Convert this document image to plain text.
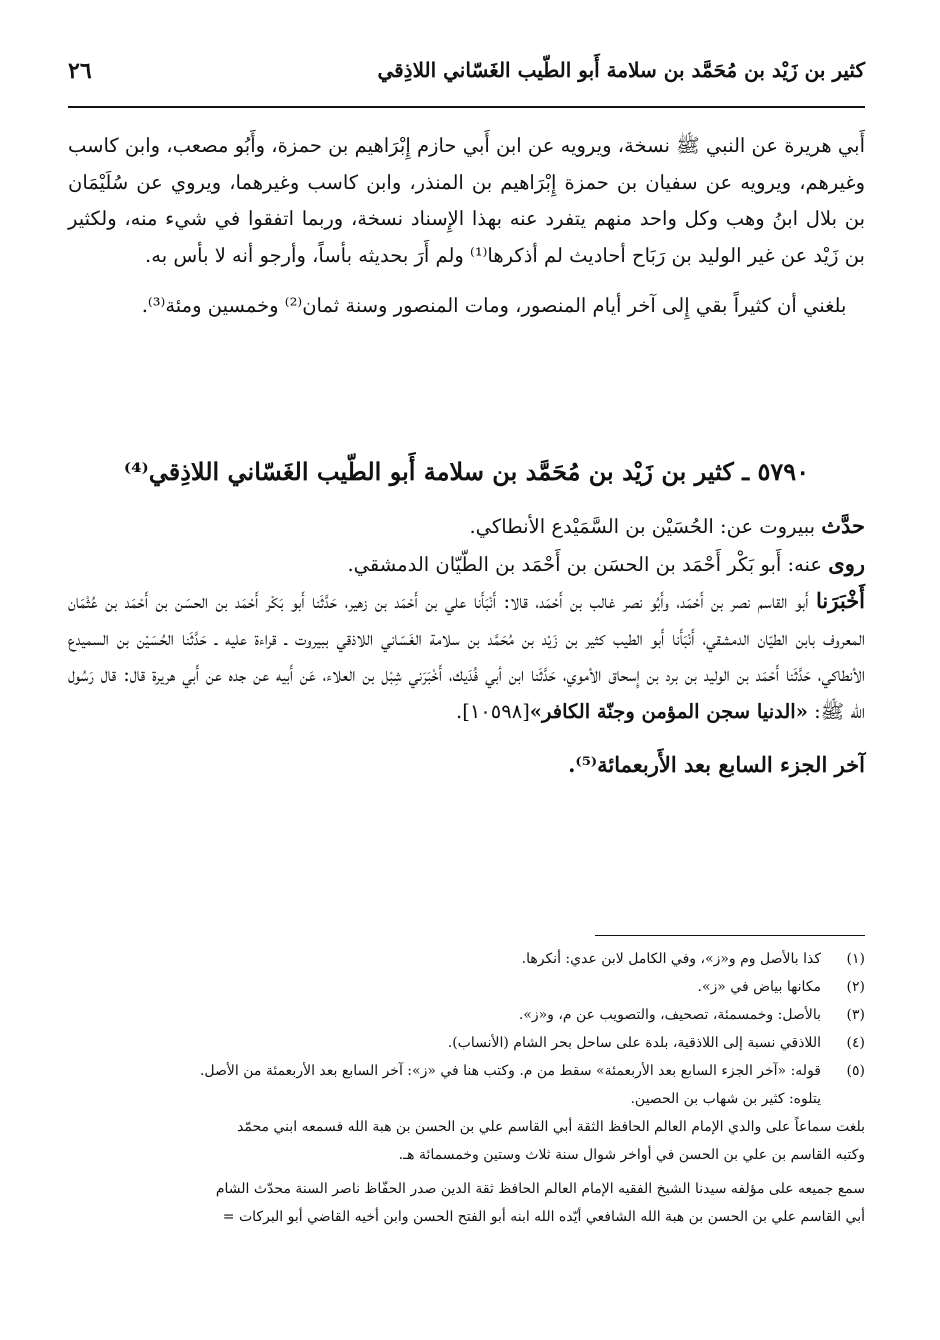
كثير بن زَيْد بن مُحَمَّد بن سلامة أَبو الطّيب الغَسّاني اللاذِقي
٢٦

أَبي هريرة عن النبي ﷺ نسخة، ويرويه عن ابن أَبي حازم إِبْرَاهيم بن حمزة، وأَبُو مصعب، وابن كاسب وغيرهم، ويرويه عن سفيان بن حمزة إِبْرَاهيم بن المنذر، وابن كاسب وغيرهما، ويروي عن سُلَيْمَان بن بلال ابنُ وهب وكل واحد منهم يتفرد عنه بهذا الإِسناد نسخة، وربما اتفقوا في شيء منه، ولكثير بن زَيْد عن غير الوليد بن رَبَاح أحاديث لم أذكرها⁽¹⁾ ولم أَرَ بحديثه بأساً، وأرجو أنه لا بأس به.

بلغني أن كثيراً بقي إِلى آخر أيام المنصور، ومات المنصور وسنة ثمان⁽²⁾ وخمسين ومئة⁽³⁾.

٥٧٩٠ ـ كثير بن زَيْد بن مُحَمَّد بن سلامة أَبو الطّيب الغَسّاني اللاذِقي⁽⁴⁾

حدَّث ببيروت عن: الحُسَيْن بن السَّمَيْدع الأنطاكي.

روى عنه: أَبو بَكْر أَحْمَد بن الحسَن بن أَحْمَد بن الطّيّان الدمشقي.

أَخْبَرَنا أَبو القاسم نصر بن أَحْمَد، وأَبُو نصر غالب بن أَحْمَد، قالا: أَنْبَأَنا علي بن أَحْمَد بن زهير، حَدَّثَنا أَبو بَكْر أَحْمَد بن الحسَن بن أَحْمَد بن عُثْمَان المعروف بابن الطيّان الدمشقي، أَنْبَأَنا أَبو الطيب كثير بن زَيْد بن مُحَمَّد بن سلامة الغَسّاني اللاذقي ببيروت ـ قراءة عليه ـ حَدَّثَنا الحُسَيْن بن السميدع الأنطاكي، حَدَّثَنا أَحْمَد بن الوليد بن برد بن إِسحاق الأموي، حَدَّثَنا ابن أبي فُدَيك، أَخْبَرَني شِبْل بن العلاء، عَن أَبيه عن جده عن أَبي هريرة قال: قال رَسُول الله ﷺ: «الدنيا سجن المؤمن وجنّة الكافر»[١٠٥٩٨].

آخر الجزء السابع بعد الأَربعمائة⁽⁵⁾.

(١)
كذا بالأصل وم و«ز»، وفي الكامل لابن عدي: أنكرها.
(٢)
مكانها بياض في «ز».
(٣)
بالأصل: وخمسمئة، تصحيف، والتصويب عن م، و«ز».
(٤)
اللاذقي نسبة إلى اللاذقية، بلدة على ساحل بحر الشام (الأنساب).
(٥)
قوله: «آخر الجزء السابع بعد الأربعمئة» سقط من م. وكتب هنا في «ز»: آخر السابع بعد الأربعمئة من الأصل.
يتلوه: كثير بن شهاب بن الحصين.
بلغت سماعاً على والدي الإمام العالم الحافظ الثقة أبي القاسم علي بن الحسن بن هبة الله فسمعه ابني محمّد
وكتبه القاسم بن علي بن الحسن في أواخر شوال سنة ثلاث وستين وخمسمائة هـ.
سمع جميعه على مؤلفه سيدنا الشيخ الفقيه الإمام العالم الحافظ ثقة الدين صدر الحفّاظ ناصر السنة محدّث الشام
أبي القاسم علي بن الحسن بن هبة الله الشافعي أيّده الله ابنه أبو الفتح الحسن وابن أخيه القاضي أبو البركات =
